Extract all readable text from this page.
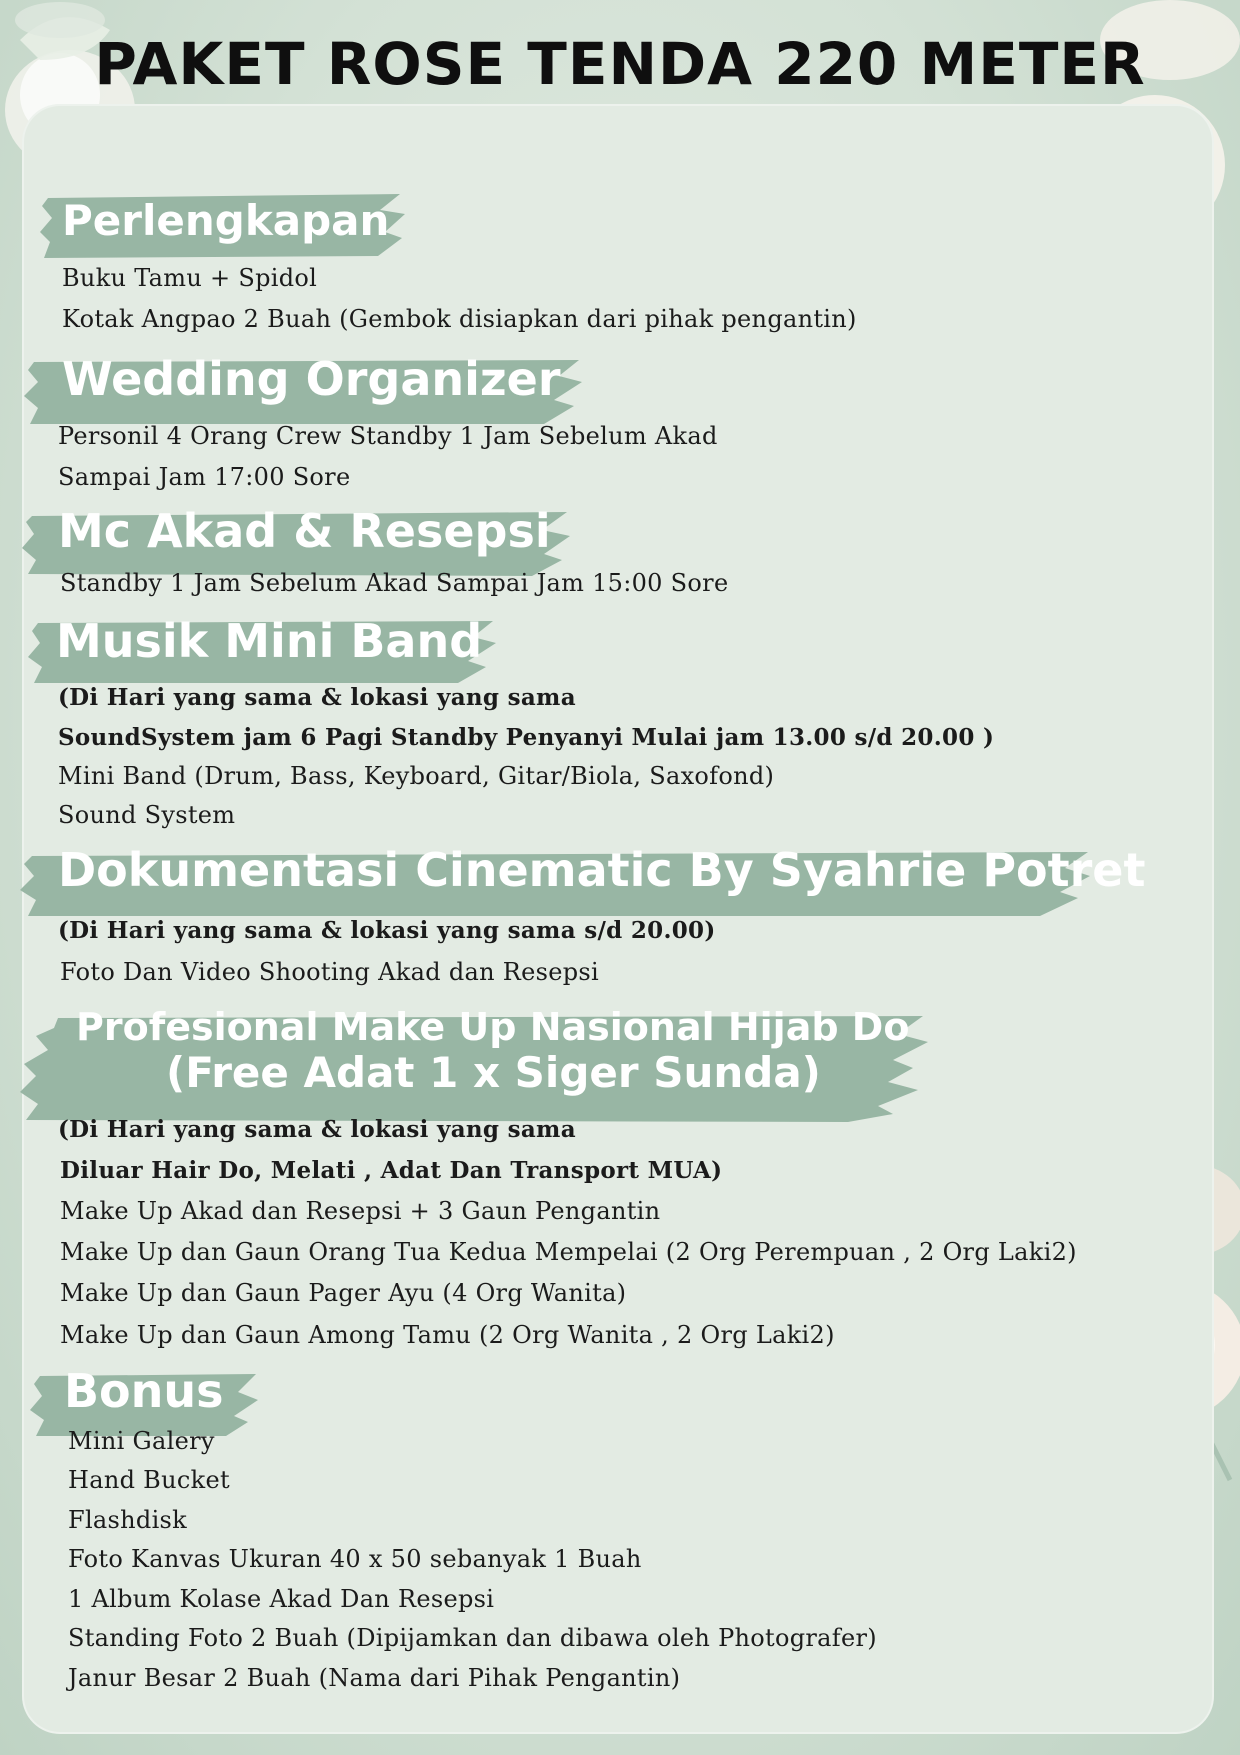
PAKET ROSE TENDA 220 METER
Perlengkapan

Buku Tamu + Spidol

Kotak Angpao 2 Buah (Gembok disiapkan dari pihak pengantin)

Wedding Organizer

Personil 4 Orang Crew Standby 1 Jam Sebelum Akad

Sampai Jam 17:00 Sore

Mc Akad & Resepsi

Standby 1 Jam Sebelum Akad Sampai Jam 15:00 Sore

Musik Mini Band

(Di Hari yang sama & lokasi yang sama

SoundSystem jam 6 Pagi Standby Penyanyi Mulai jam 13.00 s/d 20.00 )

Mini Band (Drum, Bass, Keyboard, Gitar/Biola, Saxofond)

Sound System

Dokumentasi Cinematic By Syahrie Potret

(Di Hari yang sama & lokasi yang sama s/d 20.00)

Foto Dan Video Shooting Akad dan Resepsi

Profesional Make Up Nasional Hijab Do
(Free Adat 1 x Siger Sunda)

(Di Hari yang sama & lokasi yang sama

Diluar Hair Do, Melati , Adat Dan Transport MUA)

Make Up Akad dan Resepsi + 3 Gaun Pengantin

Make Up dan Gaun Orang Tua Kedua Mempelai (2 Org Perempuan , 2 Org Laki2)

Make Up dan Gaun Pager Ayu (4 Org Wanita)

Make Up dan Gaun Among Tamu (2 Org Wanita , 2 Org Laki2)

Bonus

Mini Galery

Hand Bucket

Flashdisk

Foto Kanvas Ukuran 40 x 50 sebanyak 1 Buah

1 Album Kolase Akad Dan Resepsi

Standing Foto 2 Buah (Dipijamkan dan dibawa oleh Photografer)

Janur Besar 2 Buah (Nama dari Pihak Pengantin)
